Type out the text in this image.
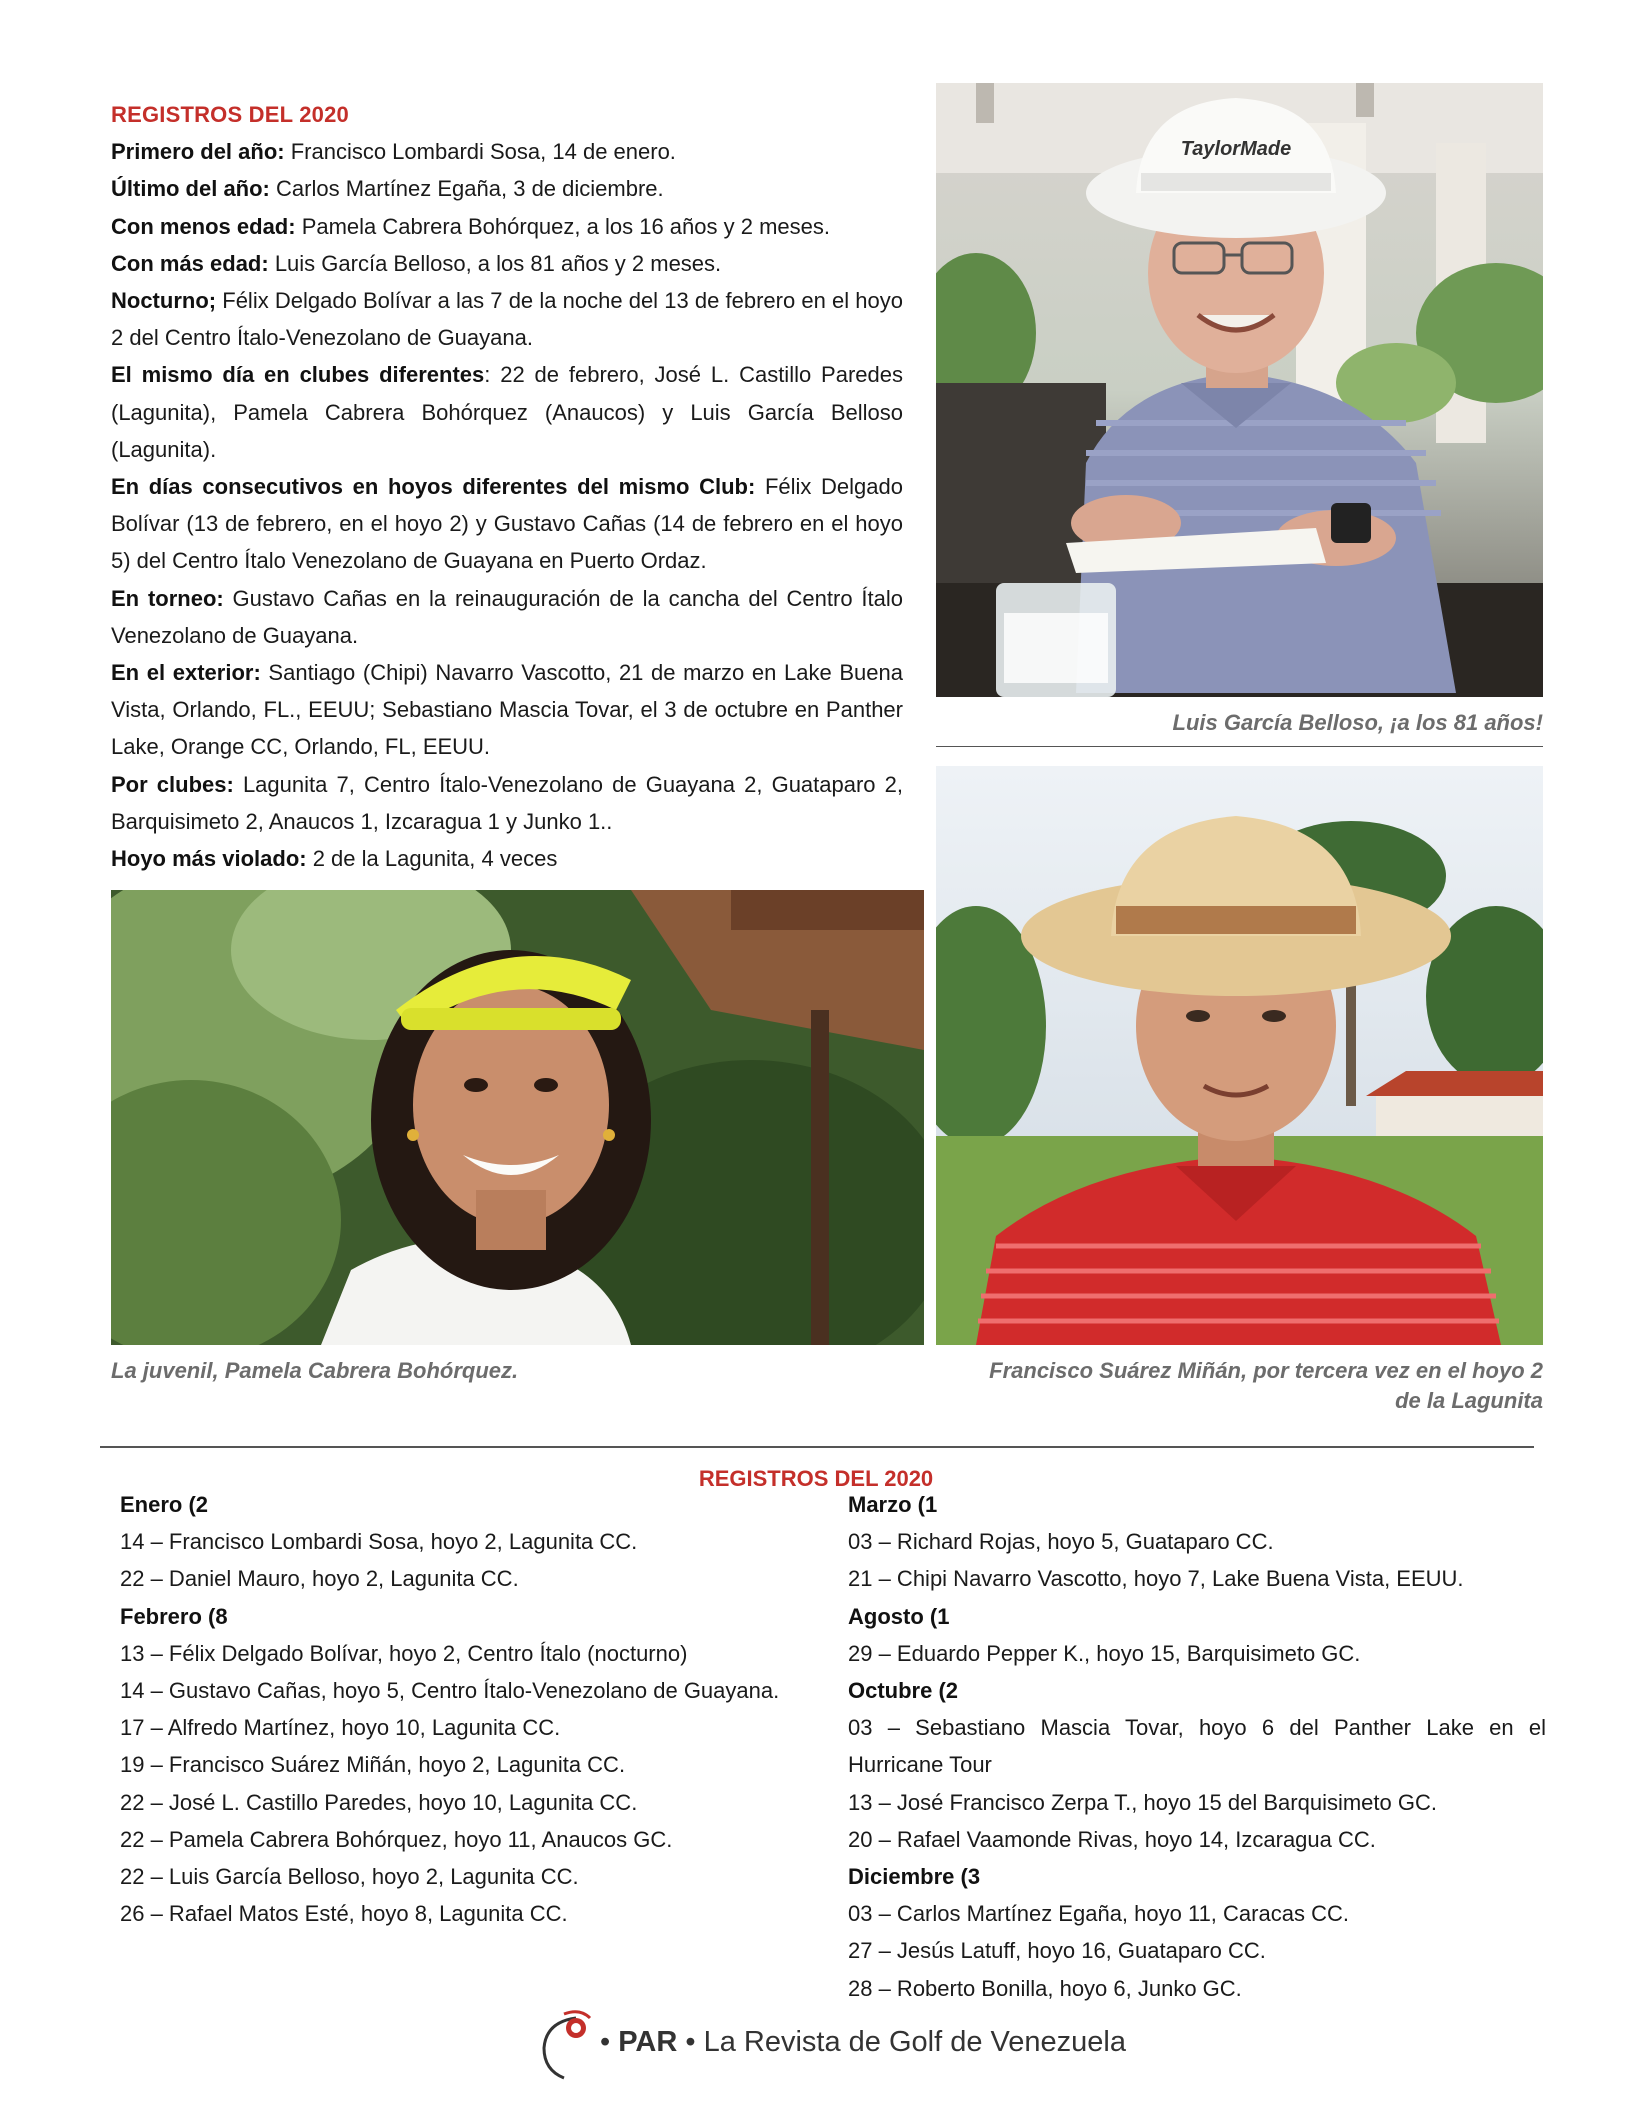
REGISTROS DEL 2020

Primero del año: Francisco Lombardi Sosa, 14 de enero.

Último del año: Carlos Martínez Egaña, 3 de diciembre.

Con menos edad: Pamela Cabrera Bohórquez, a los 16 años y 2 meses.

Con más edad: Luis García Belloso, a los 81 años y 2 meses.

Nocturno; Félix Delgado Bolívar a las 7 de la noche del 13 de febrero en el hoyo 2 del Centro Ítalo-Venezolano de Guayana.

El mismo día en clubes diferentes: 22 de febrero, José L. Castillo Paredes (Lagunita), Pamela Cabrera Bohórquez (Anaucos) y Luis García Belloso (Lagunita).

En días consecutivos en hoyos diferentes del mismo Club: Félix Delgado Bolívar (13 de febrero, en el hoyo 2) y Gustavo Cañas (14 de febrero en el hoyo 5) del Centro Ítalo Venezolano de Guayana en Puerto Ordaz.

En torneo: Gustavo Cañas en la reinauguración de la cancha del Centro Ítalo Venezolano de Guayana.

En el exterior: Santiago (Chipi) Navarro Vascotto, 21 de marzo en Lake Buena Vista, Orlando, FL., EEUU; Sebastiano Mascia Tovar, el 3 de octubre en Panther Lake, Orange CC, Orlando, FL, EEUU.

Por clubes: Lagunita 7, Centro Ítalo-Venezolano de Guayana 2, Guataparo 2, Barquisimeto 2, Anaucos 1, Izcaragua 1 y Junko 1..

Hoyo más violado: 2 de la Lagunita, 4 veces

TaylorMade
Luis García Belloso, ¡a los 81 años!
La juvenil, Pamela Cabrera Bohórquez.	Francisco Suárez Miñán, por tercera vez en el hoyo 2
de la Lagunita
REGISTROS DEL 2020
Enero (2

14 – Francisco Lombardi Sosa, hoyo 2, Lagunita CC.

22 – Daniel Mauro, hoyo 2, Lagunita CC.

Febrero (8

13 – Félix Delgado Bolívar, hoyo 2, Centro Ítalo (nocturno)

14 – Gustavo Cañas, hoyo 5, Centro Ítalo-Venezolano de Guayana.

17 – Alfredo Martínez, hoyo 10, Lagunita CC.

19 – Francisco Suárez Miñán, hoyo 2, Lagunita CC.

22 – José L. Castillo Paredes, hoyo 10, Lagunita CC.

22 – Pamela Cabrera Bohórquez, hoyo 11, Anaucos GC.

22 – Luis García Belloso, hoyo 2, Lagunita CC.

26 – Rafael Matos Esté, hoyo 8, Lagunita CC.

Marzo (1

03 – Richard Rojas, hoyo 5, Guataparo CC.

21 – Chipi Navarro Vascotto, hoyo 7, Lake Buena Vista, EEUU.

Agosto (1

29 – Eduardo Pepper K., hoyo 15, Barquisimeto GC.

Octubre (2

03 – Sebastiano Mascia Tovar, hoyo 6 del Panther Lake en el Hurricane Tour

13 – José Francisco Zerpa T., hoyo 15 del Barquisimeto GC.

20 – Rafael Vaamonde Rivas, hoyo 14, Izcaragua CC.

Diciembre (3

03 – Carlos Martínez Egaña, hoyo 11, Caracas CC.

27 – Jesús Latuff, hoyo 16, Guataparo CC.

28 – Roberto Bonilla, hoyo 6, Junko GC.

• PAR • La Revista de Golf de Venezuela
